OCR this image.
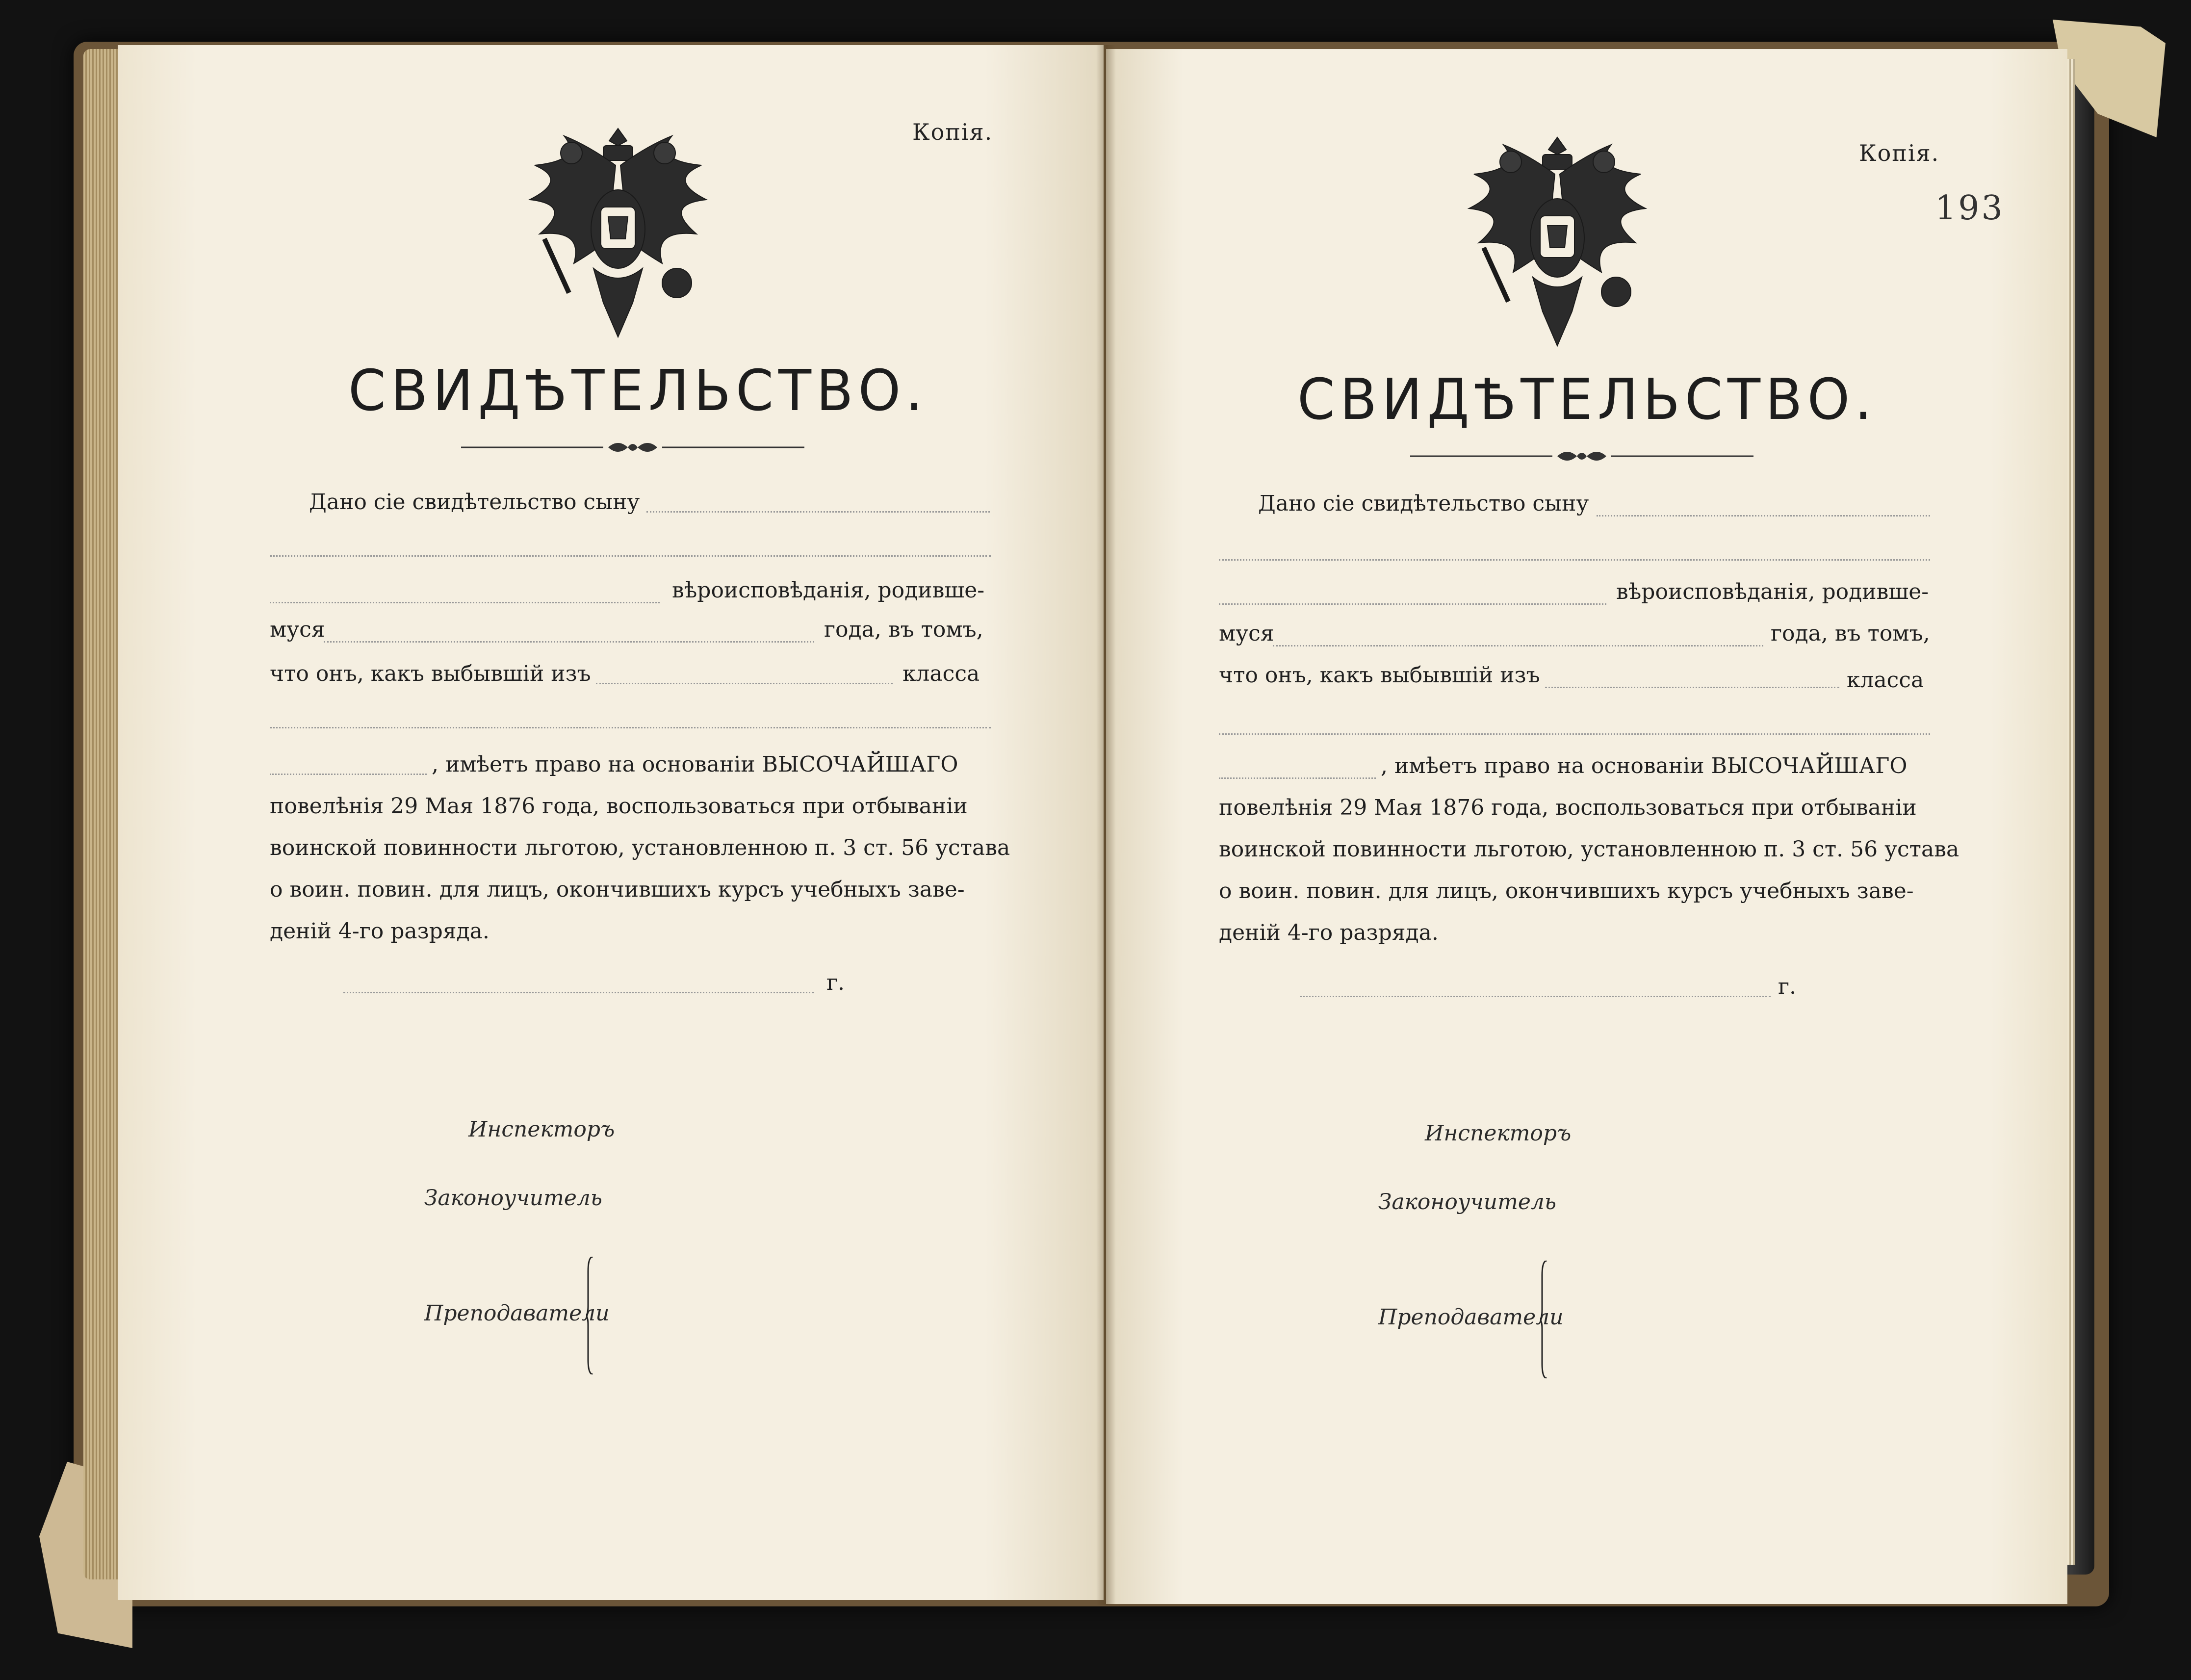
Копія.
СВИДѢТЕЛЬСТВО.
Дано сіе свидѣтельство сыну
вѣроисповѣданія, родивше-
муся	года, въ томъ,
что онъ, какъ выбывшій изъ	класса
, имѣетъ право на основаніи ВЫСОЧАЙШАГО
повелѣнія 29 Мая 1876 года, воспользоваться при отбываніи
воинской повинности льготою, установленною п. 3 ст. 56 устава
о воин. повин. для лицъ, окончившихъ курсъ учебныхъ заве-
деній 4-го разряда.
г.
Инспекторъ
Законоучитель
Преподаватели
Копія.
193
СВИДѢТЕЛЬСТВО.
Дано сіе свидѣтельство сыну
вѣроисповѣданія, родивше-
муся	года, въ томъ,
что онъ, какъ выбывшій изъ	класса
, имѣетъ право на основаніи ВЫСОЧАЙШАГО
повелѣнія 29 Мая 1876 года, воспользоваться при отбываніи
воинской повинности льготою, установленною п. 3 ст. 56 устава
о воин. повин. для лицъ, окончившихъ курсъ учебныхъ заве-
деній 4-го разряда.
г.
Инспекторъ
Законоучитель
Преподаватели
